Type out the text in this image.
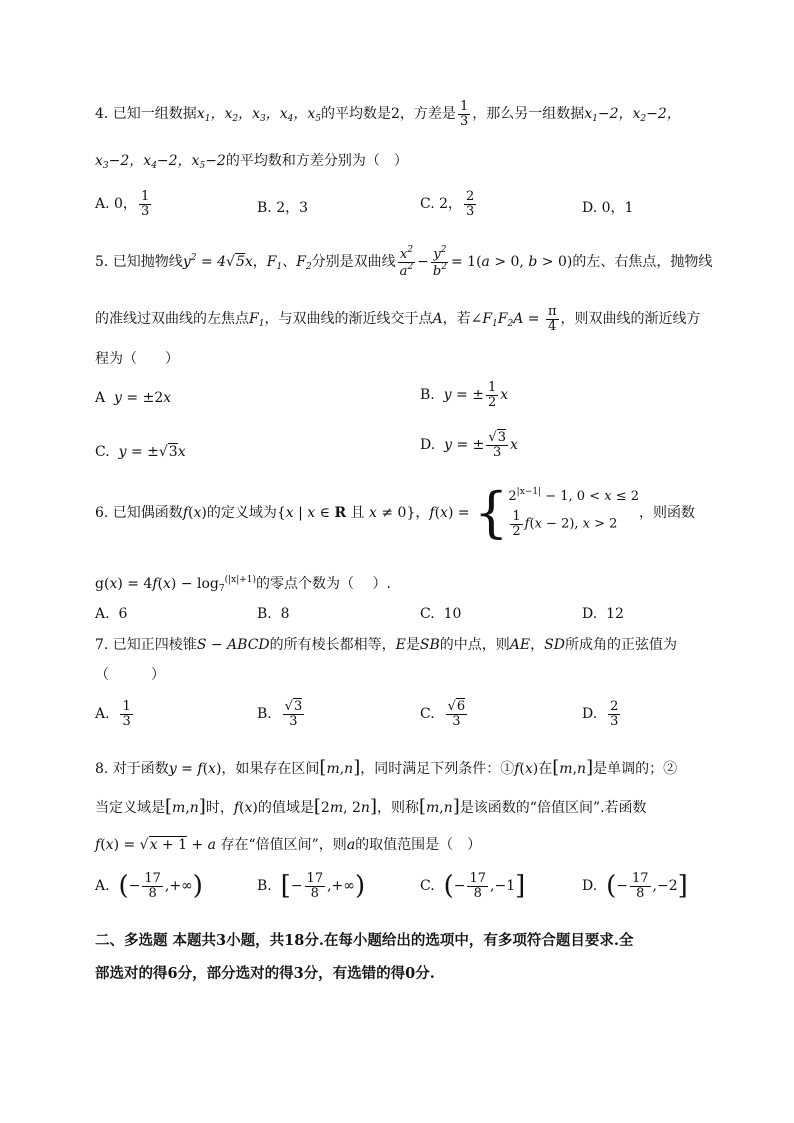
4. 已知一组数据$x_1$，$x_2$，$x_3$，$x_4$，$x_5$的平均数是2，方差是 $\frac{1}{3}$ ，那么另一组数据$x_1-2$，$x_2-2$，
$x_3-2$，$x_4-2$，$x_5-2$的平均数和方差分别为（　）
A. 0， $\frac{1}{3}$	B. 2，3	C. 2， $\frac{2}{3}$	D. 0，1
5. 已知抛物线$y^2 = 4√5x$，$F_1$、$F_2$分别是双曲线 $\frac{x^2}{a^2} - \frac{y^2}{b^2} = 1(a > 0$, b > 0)的左、右焦点，抛物线
的准线过双曲线的左焦点$F_1$，与双曲线的渐近线交于点A，若$\angle F_1F_2A = \frac{\pi}{4}$ ，则双曲线的渐近线方
程为（　　）
A y = ±2x	B. y = ± $\frac{1}{2}$ x
C. y = ±√3x	D. y = ± $\frac{√3}{3}$ x
6. 已知偶函数f(x)的定义域为{x | x ∈ R 且 x ≠ 0}，f(x) = { $2^{|x-1|} - 1$, 0 < x ≤ 2
$\frac{1}{2} f(x - 2)$, x > 2
，则函数
$g(x) = 4f(x) - \log_7^{(|x|+1)}$的零点个数为（　 ）.
A. 6	B. 8	C. 10	D. 12
7. 已知正四棱锥S − ABCD的所有棱长都相等，E是SB的中点，则AE，SD所成角的正弦值为
（　　　）
A. $\frac{1}{3}$	B. $\frac{√3}{3}$	C. $\frac{√6}{3}$	D. $\frac{2}{3}$
8. 对于函数y = f(x)，如果存在区间[m,n]，同时满足下列条件：①f(x)在[m,n]是单调的；②
当定义域是[m,n]时，f(x)的值域是[2m, 2n]，则称[m,n]是该函数的“倍值区间”.若函数
f(x) = √x + 1 + a 存在“倍值区间”，则a的取值范围是（　）
A. (− $\frac{17}{8}$ ,+∞)	B. [− $\frac{17}{8}$ ,+∞)	C. (− $\frac{17}{8} ,-1$]	D. (− $\frac{17}{8} ,-2$]
二、多选题 本题共3小题，共18分.在每小题给出的选项中，有多项符合题目要求.全
部选对的得6分，部分选对的得3分，有选错的得0分.
